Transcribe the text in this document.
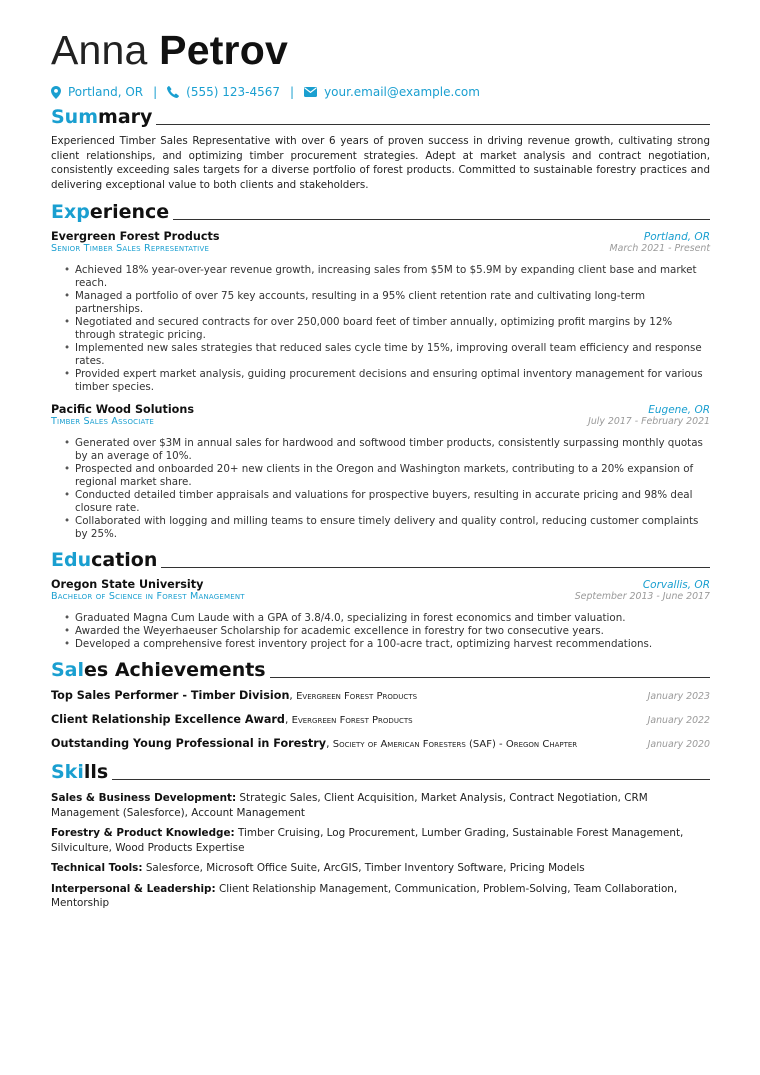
Anna Petrov
Portland, OR | (555) 123-4567 |	your.email@example.com
Summary
Experienced Timber Sales Representative with over 6 years of proven success in driving revenue growth, cultivating strong client relationships, and optimizing timber procurement strategies. Adept at market analysis and contract negotiation, consistently exceeding sales targets for a diverse portfolio of forest products. Committed to sustainable forestry practices and delivering exceptional value to both clients and stakeholders.
Experience
Evergreen Forest Products	Portland, OR
Senior Timber Sales Representative	March 2021 - Present
• Achieved 18% year-over-year revenue growth, increasing sales from $5M to $5.9M by expanding client base and market reach.
• Managed a portfolio of over 75 key accounts, resulting in a 95% client retention rate and cultivating long-term partnerships.
• Negotiated and secured contracts for over 250,000 board feet of timber annually, optimizing profit margins by 12% through strategic pricing.
• Implemented new sales strategies that reduced sales cycle time by 15%, improving overall team efficiency and response rates.
• Provided expert market analysis, guiding procurement decisions and ensuring optimal inventory management for various timber species.
Pacific Wood Solutions	Eugene, OR
Timber Sales Associate	July 2017 - February 2021
• Generated over $3M in annual sales for hardwood and softwood timber products, consistently surpassing monthly quotas by an average of 10%.
• Prospected and onboarded 20+ new clients in the Oregon and Washington markets, contributing to a 20% expansion of regional market share.
• Conducted detailed timber appraisals and valuations for prospective buyers, resulting in accurate pricing and 98% deal closure rate.
• Collaborated with logging and milling teams to ensure timely delivery and quality control, reducing customer complaints by 25%.
Education
Oregon State University	Corvallis, OR
Bachelor of Science in Forest Management	September 2013 - June 2017
• Graduated Magna Cum Laude with a GPA of 3.8/4.0, specializing in forest economics and timber valuation.
• Awarded the Weyerhaeuser Scholarship for academic excellence in forestry for two consecutive years.
• Developed a comprehensive forest inventory project for a 100-acre tract, optimizing harvest recommendations.
Sales Achievements
Top Sales Performer - Timber Division, Evergreen Forest Products	January 2023
Client Relationship Excellence Award, Evergreen Forest Products	January 2022
Outstanding Young Professional in Forestry, Society of American Foresters (SAF) - Oregon Chapter	January 2020
Skills
Sales & Business Development: Strategic Sales, Client Acquisition, Market Analysis, Contract Negotiation, CRM Management (Salesforce), Account Management
Forestry & Product Knowledge: Timber Cruising, Log Procurement, Lumber Grading, Sustainable Forest Management, Silviculture, Wood Products Expertise
Technical Tools: Salesforce, Microsoft Office Suite, ArcGIS, Timber Inventory Software, Pricing Models
Interpersonal & Leadership: Client Relationship Management, Communication, Problem-Solving, Team Collaboration, Mentorship
